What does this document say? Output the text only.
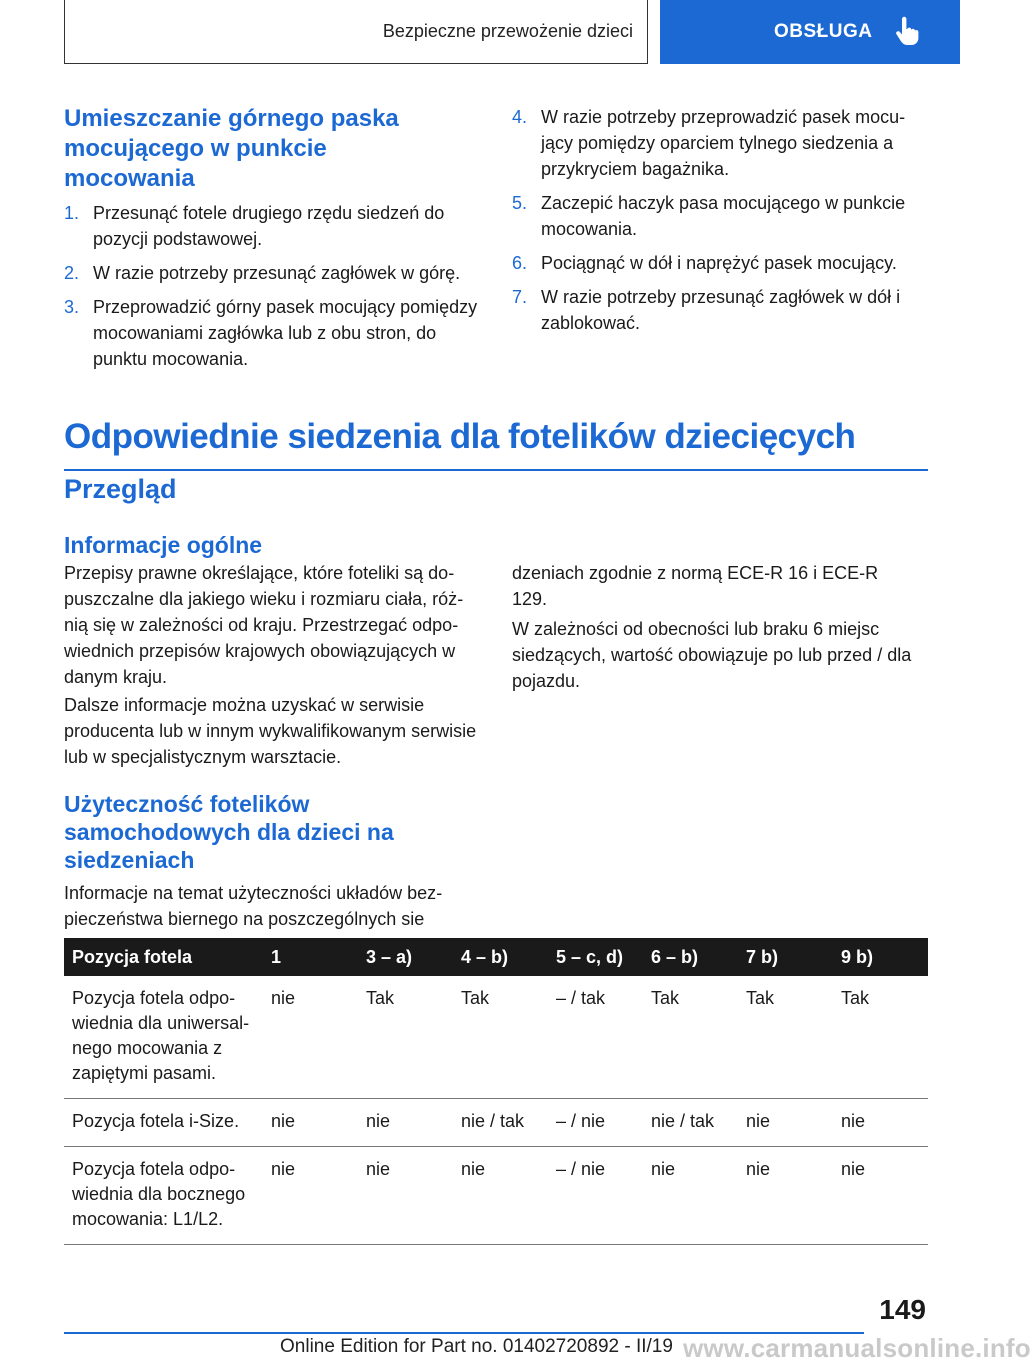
Bezpieczne przewożenie dzieci	OBSŁUGA
Umieszczanie górnego paska mocującego w punkcie mocowania
1. Przesunąć fotele drugiego rzędu siedzeń do pozycji podstawowej.
2. W razie potrzeby przesunąć zagłówek w górę.
3. Przeprowadzić górny pasek mocujący pomiędzy mocowaniami zagłówka lub z obu stron, do punktu mocowania.
4. W razie potrzeby przeprowadzić pasek mocujący pomiędzy oparciem tylnego siedzenia a przykryciem bagażnika.
5. Zaczepić haczyk pasa mocującego w punkcie mocowania.
6. Pociągnąć w dół i naprężyć pasek mocujący.
7. W razie potrzeby przesunąć zagłówek w dół i zablokować.
Odpowiednie siedzenia dla fotelików dziecięcych
Przegląd
Informacje ogólne

Przepisy prawne określające, które foteliki są dopuszczalne dla jakiego wieku i rozmiaru ciała, różnią się w zależności od kraju. Przestrzegać odpowiednich przepisów krajowych obowiązujących w danym kraju.

Dalsze informacje można uzyskać w serwisie producenta lub w innym wykwalifikowanym serwisie lub w specjalistycznym warsztacie.

Użyteczność fotelików samochodowych dla dzieci na siedzeniach

Informacje na temat użyteczności układów bezpieczeństwa biernego na poszczególnych sie

dzeniach zgodnie z normą ECE-R 16 i ECE-R 129.

W zależności od obecności lub braku 6 miejsc siedzących, wartość obowiązuje po lub przed / dla pojazdu.

Pozycja fotela	1	3 – a)	4 – b)	5 – c, d)	6 – b)	7 b)	9 b)
Pozycja fotela odpowiednia dla uniwersalnego mocowania z zapiętymi pasami.	nie	Tak	Tak	– / tak	Tak	Tak	Tak
Pozycja fotela i-Size.	nie	nie	nie / tak	– / nie	nie / tak	nie	nie
Pozycja fotela odpowiednia dla bocznego mocowania: L1/L2.	nie	nie	nie	– / nie	nie	nie	nie
149
Online Edition for Part no. 01402720892 - II/19 www.carmanualsonline.info
